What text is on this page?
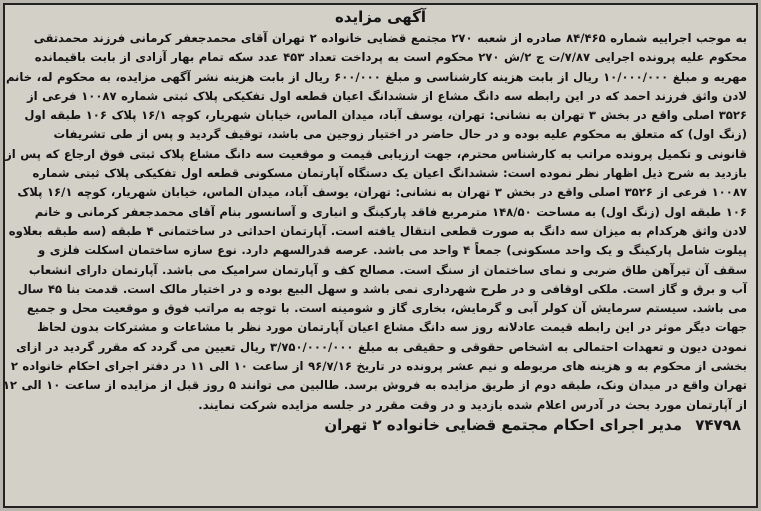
آگهی مزایده
به موجب اجراییه شماره ۸۴/۴۶۵ صادره از شعبه ۲۷۰ مجتمع قضایی خانواده ۲ تهران آقای محمدجعفر کرمانی فرزند محمدتقی
محکوم علیه پرونده اجرایی ۷/۸۷/ت ج ۲/ش ۲۷۰ محکوم است به پرداخت تعداد ۴۵۳ عدد سکه تمام بهار آزادی از بابت باقیمانده
مهریه و مبلغ ۱۰/۰۰۰/۰۰۰ ریال از بابت هزینه کارشناسی و مبلغ ۶۰۰/۰۰۰ ریال از بابت هزینه نشر آگهی مزایده، به محکوم له، خانم
لادن واثق فرزند احمد که در این رابطه سه دانگ مشاع از ششدانگ اعیان قطعه اول تفکیکی پلاک ثبتی شماره ۱۰۰۸۷ فرعی از
۳۵۲۶ اصلی واقع در بخش ۳ تهران به نشانی: تهران، یوسف آباد، میدان الماس، خیابان شهریار، کوچه ۱۶/۱ پلاک ۱۰۶ طبقه اول
(زنگ اول) که متعلق به محکوم علیه بوده و در حال حاضر در اختیار زوجین می باشد، توقیف گردید و پس از طی تشریفات
قانونی و تکمیل پرونده مراتب به کارشناس محترم، جهت ارزیابی قیمت و موقعیت سه دانگ مشاع پلاک ثبتی فوق ارجاع که پس از
بازدید به شرح ذیل اظهار نظر نموده است: ششدانگ اعیان یک دستگاه آپارتمان مسکونی قطعه اول تفکیکی پلاک ثبتی شماره
۱۰۰۸۷ فرعی از ۳۵۲۶ اصلی واقع در بخش ۳ تهران به نشانی: تهران، یوسف آباد، میدان الماس، خیابان شهریار، کوچه ۱۶/۱ پلاک
۱۰۶ طبقه اول (زنگ اول) به مساحت ۱۴۸/۵۰ مترمربع فاقد پارکینگ و انباری و آسانسور بنام آقای محمدجعفر کرمانی و خانم
لادن واثق هرکدام به میزان سه دانگ به صورت قطعی انتقال یافته است. آپارتمان احداثی در ساختمانی ۴ طبقه (سه طبقه بعلاوه
پیلوت شامل پارکینگ و یک واحد مسکونی) جمعاً ۴ واحد می باشد. عرصه قدرالسهم دارد. نوع سازه ساختمان اسکلت فلزی و
سقف آن تیرآهن طاق ضربی و نمای ساختمان از سنگ است. مصالح کف و آپارتمان سرامیک می باشد. آپارتمان دارای انشعاب
آب و برق و گاز است. ملکی اوقافی و در طرح شهرداری نمی باشد و سهل البیع بوده و در اختیار مالک است. قدمت بنا ۴۵ سال
می باشد. سیستم سرمایش آن کولر آبی و گرمایش، بخاری گاز و شومینه است. با توجه به مراتب فوق و موقعیت محل و جمیع
جهات دیگر موثر در این رابطه قیمت عادلانه روز سه دانگ مشاع اعیان آپارتمان مورد نظر با مشاعات و مشترکات بدون لحاظ
نمودن دیون و تعهدات احتمالی به اشخاص حقوقی و حقیقی به مبلغ ۳/۷۵۰/۰۰۰/۰۰۰ ریال تعیین می گردد که مقرر گردید در ازای
بخشی از محکوم به و هزینه های مربوطه و نیم عشر پرونده در تاریخ ۹۶/۷/۱۶ از ساعت ۱۰ الی ۱۱ در دفتر اجرای احکام خانواده ۲
تهران واقع در میدان ونک، طبقه دوم از طریق مزایده به فروش برسد. طالبین می توانند ۵ روز قبل از مزایده از ساعت ۱۰ الی ۱۲
از آپارتمان مورد بحث در آدرس اعلام شده بازدید و در وقت مقرر در جلسه مزایده شرکت نمایند.
۷۴۷۹۸ مدیر اجرای احکام مجتمع قضایی خانواده ۲ تهران
